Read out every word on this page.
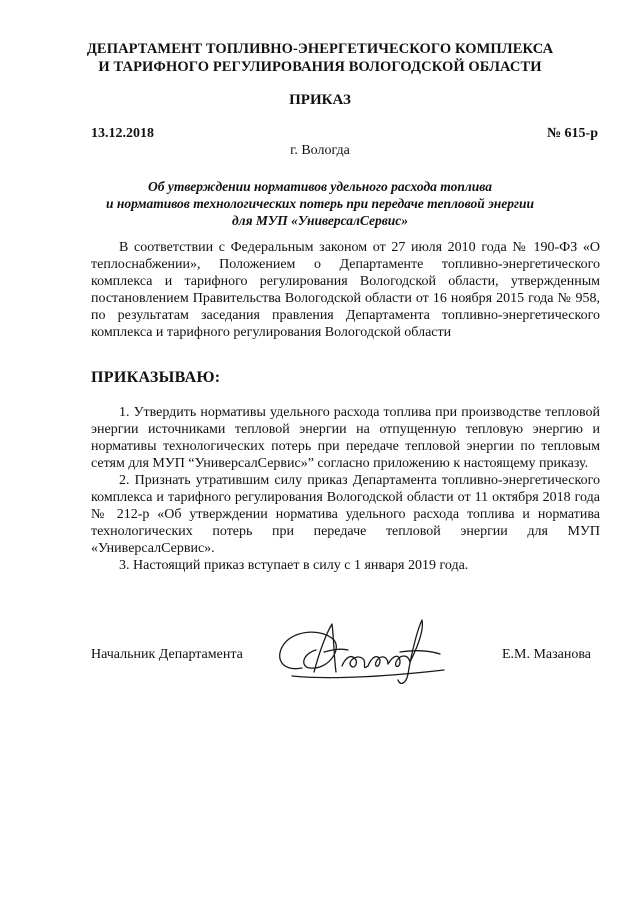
ДЕПАРТАМЕНТ ТОПЛИВНО-ЭНЕРГЕТИЧЕСКОГО КОМПЛЕКСА
И ТАРИФНОГО РЕГУЛИРОВАНИЯ ВОЛОГОДСКОЙ ОБЛАСТИ
ПРИКАЗ
13.12.2018	№ 615-р
г. Вологда
Об утверждении нормативов удельного расхода топлива
и нормативов технологических потерь при передаче тепловой энергии
для МУП «УниверсалСервис»

В соответствии с Федеральным законом от 27 июля 2010 года № 190-ФЗ «О теплоснабжении», Положением о Департаменте топливно-энергетического комплекса и тарифного регулирования Вологодской области, утвержденным постановлением Правительства Вологодской области от 16 ноября 2015 года № 958, по результатам заседания правления Департамента топливно-энергетического комплекса и тарифного регулирования Вологодской области

ПРИКАЗЫВАЮ:

1. Утвердить нормативы удельного расхода топлива при производстве тепловой энергии источниками тепловой энергии на отпущенную тепловую энергию и нормативы технологических потерь при передаче тепловой энергии по тепловым сетям для МУП “УниверсалСервис»” согласно приложению к настоящему приказу.

2. Признать утратившим силу приказ Департамента топливно-энергетического комплекса и тарифного регулирования Вологодской области от 11 октября 2018 года № 212-р «Об утверждении норматива удельного расхода топлива и норматива технологических потерь при передаче тепловой энергии для МУП «УниверсалСервис».

3. Настоящий приказ вступает в силу с 1 января 2019 года.

Начальник Департамента	Е.М. Мазанова
